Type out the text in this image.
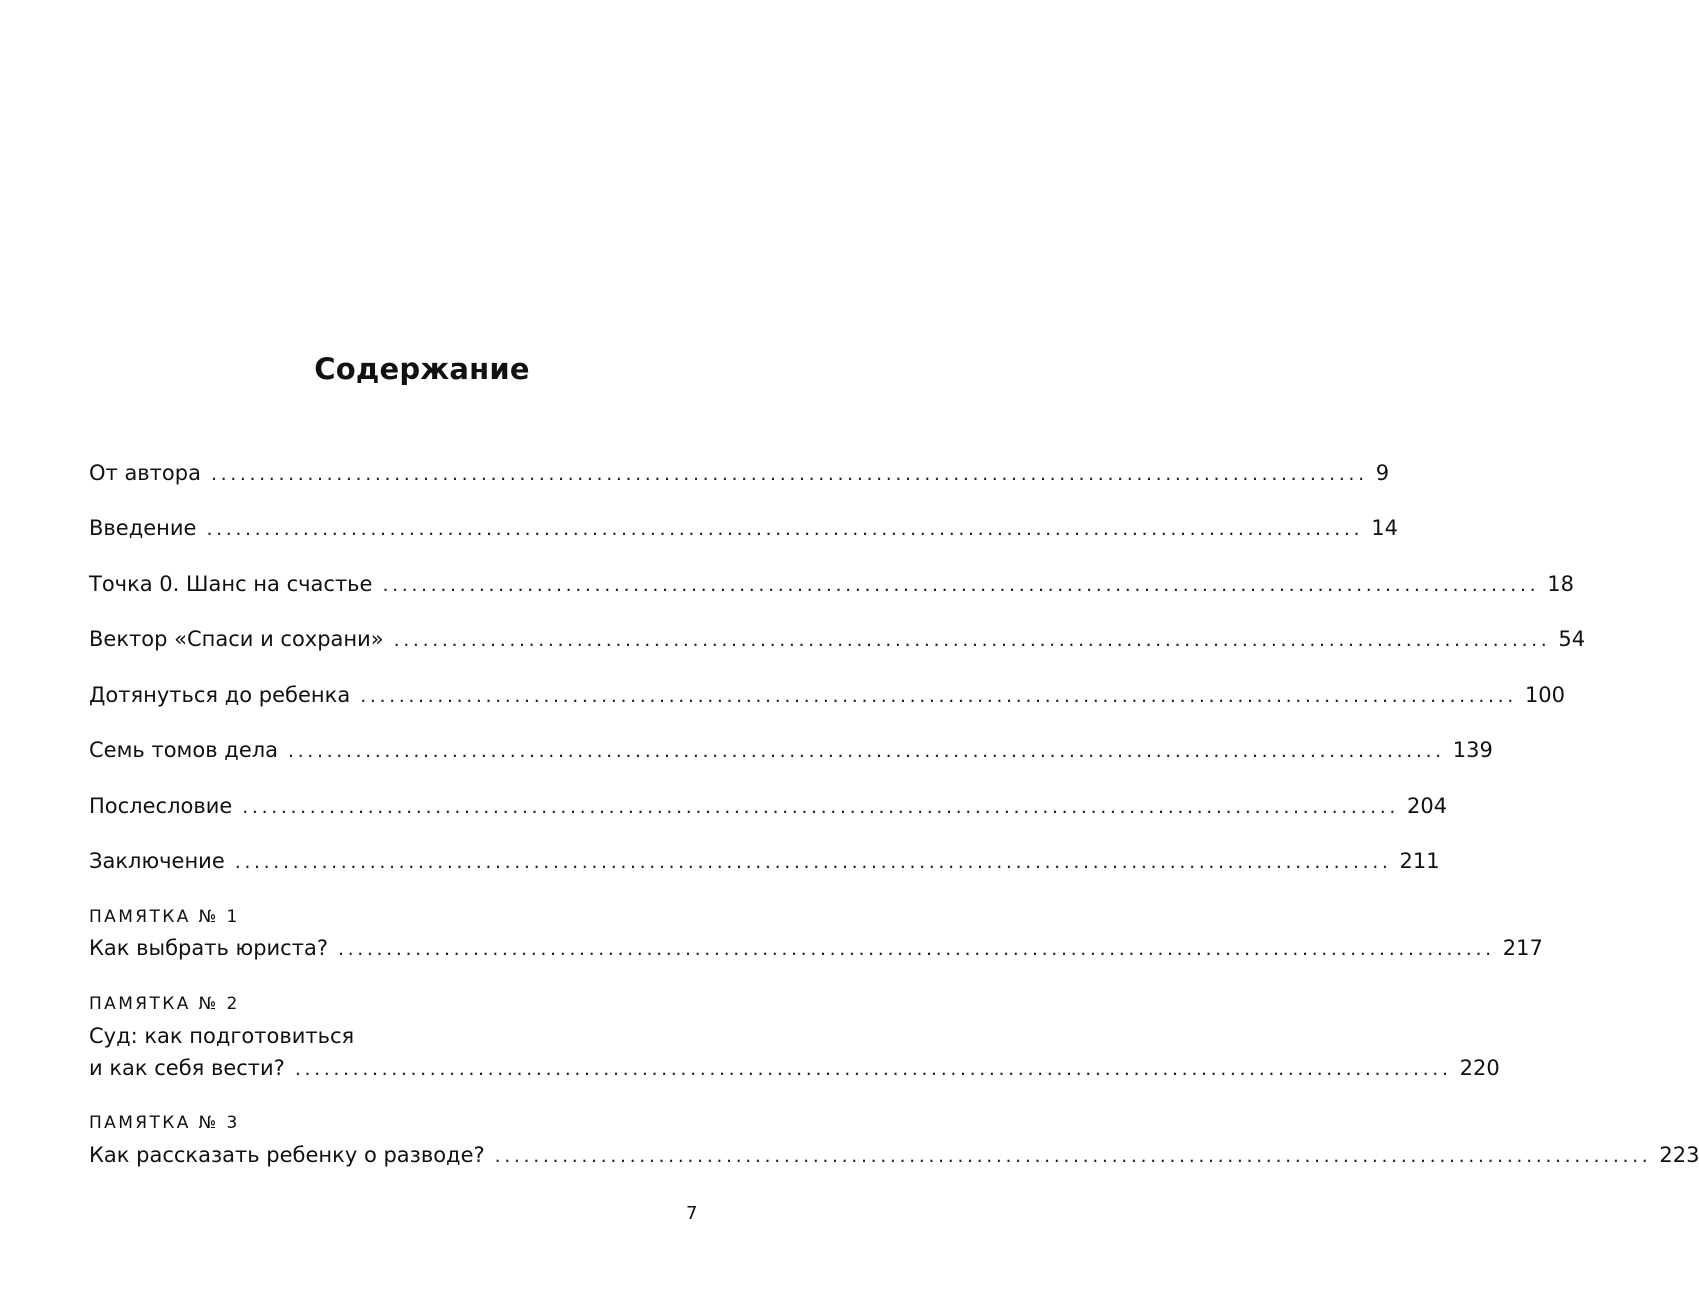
Содержание
От автора ........................................................................................................................ 9
Введение ........................................................................................................................ 14
Точка 0. Шанс на счастье ........................................................................................................................ 18
Вектор «Спаси и сохрани» ........................................................................................................................ 54
Дотянуться до ребенка ........................................................................................................................ 100
Семь томов дела ........................................................................................................................ 139
Послесловие ........................................................................................................................ 204
Заключение ........................................................................................................................ 211
ПАМЯТКА № 1
Как выбрать юриста? ........................................................................................................................ 217
ПАМЯТКА № 2
Суд: как подготовиться
и как себя вести? ........................................................................................................................ 220
ПАМЯТКА № 3
Как рассказать ребенку о разводе? ........................................................................................................................ 223
7
